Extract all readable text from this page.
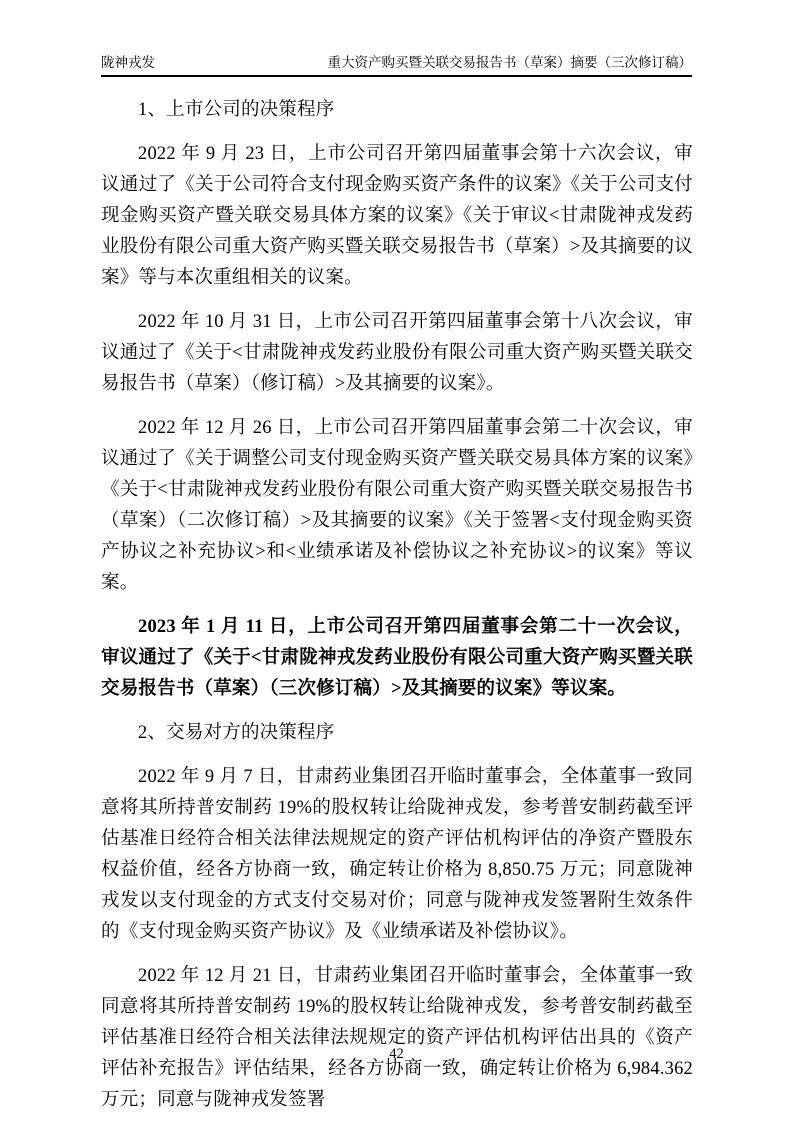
陇神戎发	重大资产购买暨关联交易报告书（草案）摘要（三次修订稿）

1、上市公司的决策程序

2022 年 9 月 23 日，上市公司召开第四届董事会第十六次会议，审议通过了《关于公司符合支付现金购买资产条件的议案》《关于公司支付现金购买资产暨关联交易具体方案的议案》《关于审议<甘肃陇神戎发药业股份有限公司重大资产购买暨关联交易报告书（草案）>及其摘要的议案》等与本次重组相关的议案。

2022 年 10 月 31 日，上市公司召开第四届董事会第十八次会议，审议通过了《关于<甘肃陇神戎发药业股份有限公司重大资产购买暨关联交易报告书（草案）（修订稿）>及其摘要的议案》。

2022 年 12 月 26 日，上市公司召开第四届董事会第二十次会议，审议通过了《关于调整公司支付现金购买资产暨关联交易具体方案的议案》《关于<甘肃陇神戎发药业股份有限公司重大资产购买暨关联交易报告书（草案）（二次修订稿）>及其摘要的议案》《关于签署<支付现金购买资产协议之补充协议>和<业绩承诺及补偿协议之补充协议>的议案》等议案。

2023 年 1 月 11 日，上市公司召开第四届董事会第二十一次会议，审议通过了《关于<甘肃陇神戎发药业股份有限公司重大资产购买暨关联交易报告书（草案）（三次修订稿）>及其摘要的议案》等议案。

2、交易对方的决策程序

2022 年 9 月 7 日，甘肃药业集团召开临时董事会，全体董事一致同意将其所持普安制药 19%的股权转让给陇神戎发，参考普安制药截至评估基准日经符合相关法律法规规定的资产评估机构评估的净资产暨股东权益价值，经各方协商一致，确定转让价格为 8,850.75 万元；同意陇神戎发以支付现金的方式支付交易对价；同意与陇神戎发签署附生效条件的《支付现金购买资产协议》及《业绩承诺及补偿协议》。

2022 年 12 月 21 日，甘肃药业集团召开临时董事会，全体董事一致同意将其所持普安制药 19%的股权转让给陇神戎发，参考普安制药截至评估基准日经符合相关法律法规规定的资产评估机构评估出具的《资产评估补充报告》评估结果，经各方协商一致，确定转让价格为 6,984.362 万元；同意与陇神戎发签署

42
